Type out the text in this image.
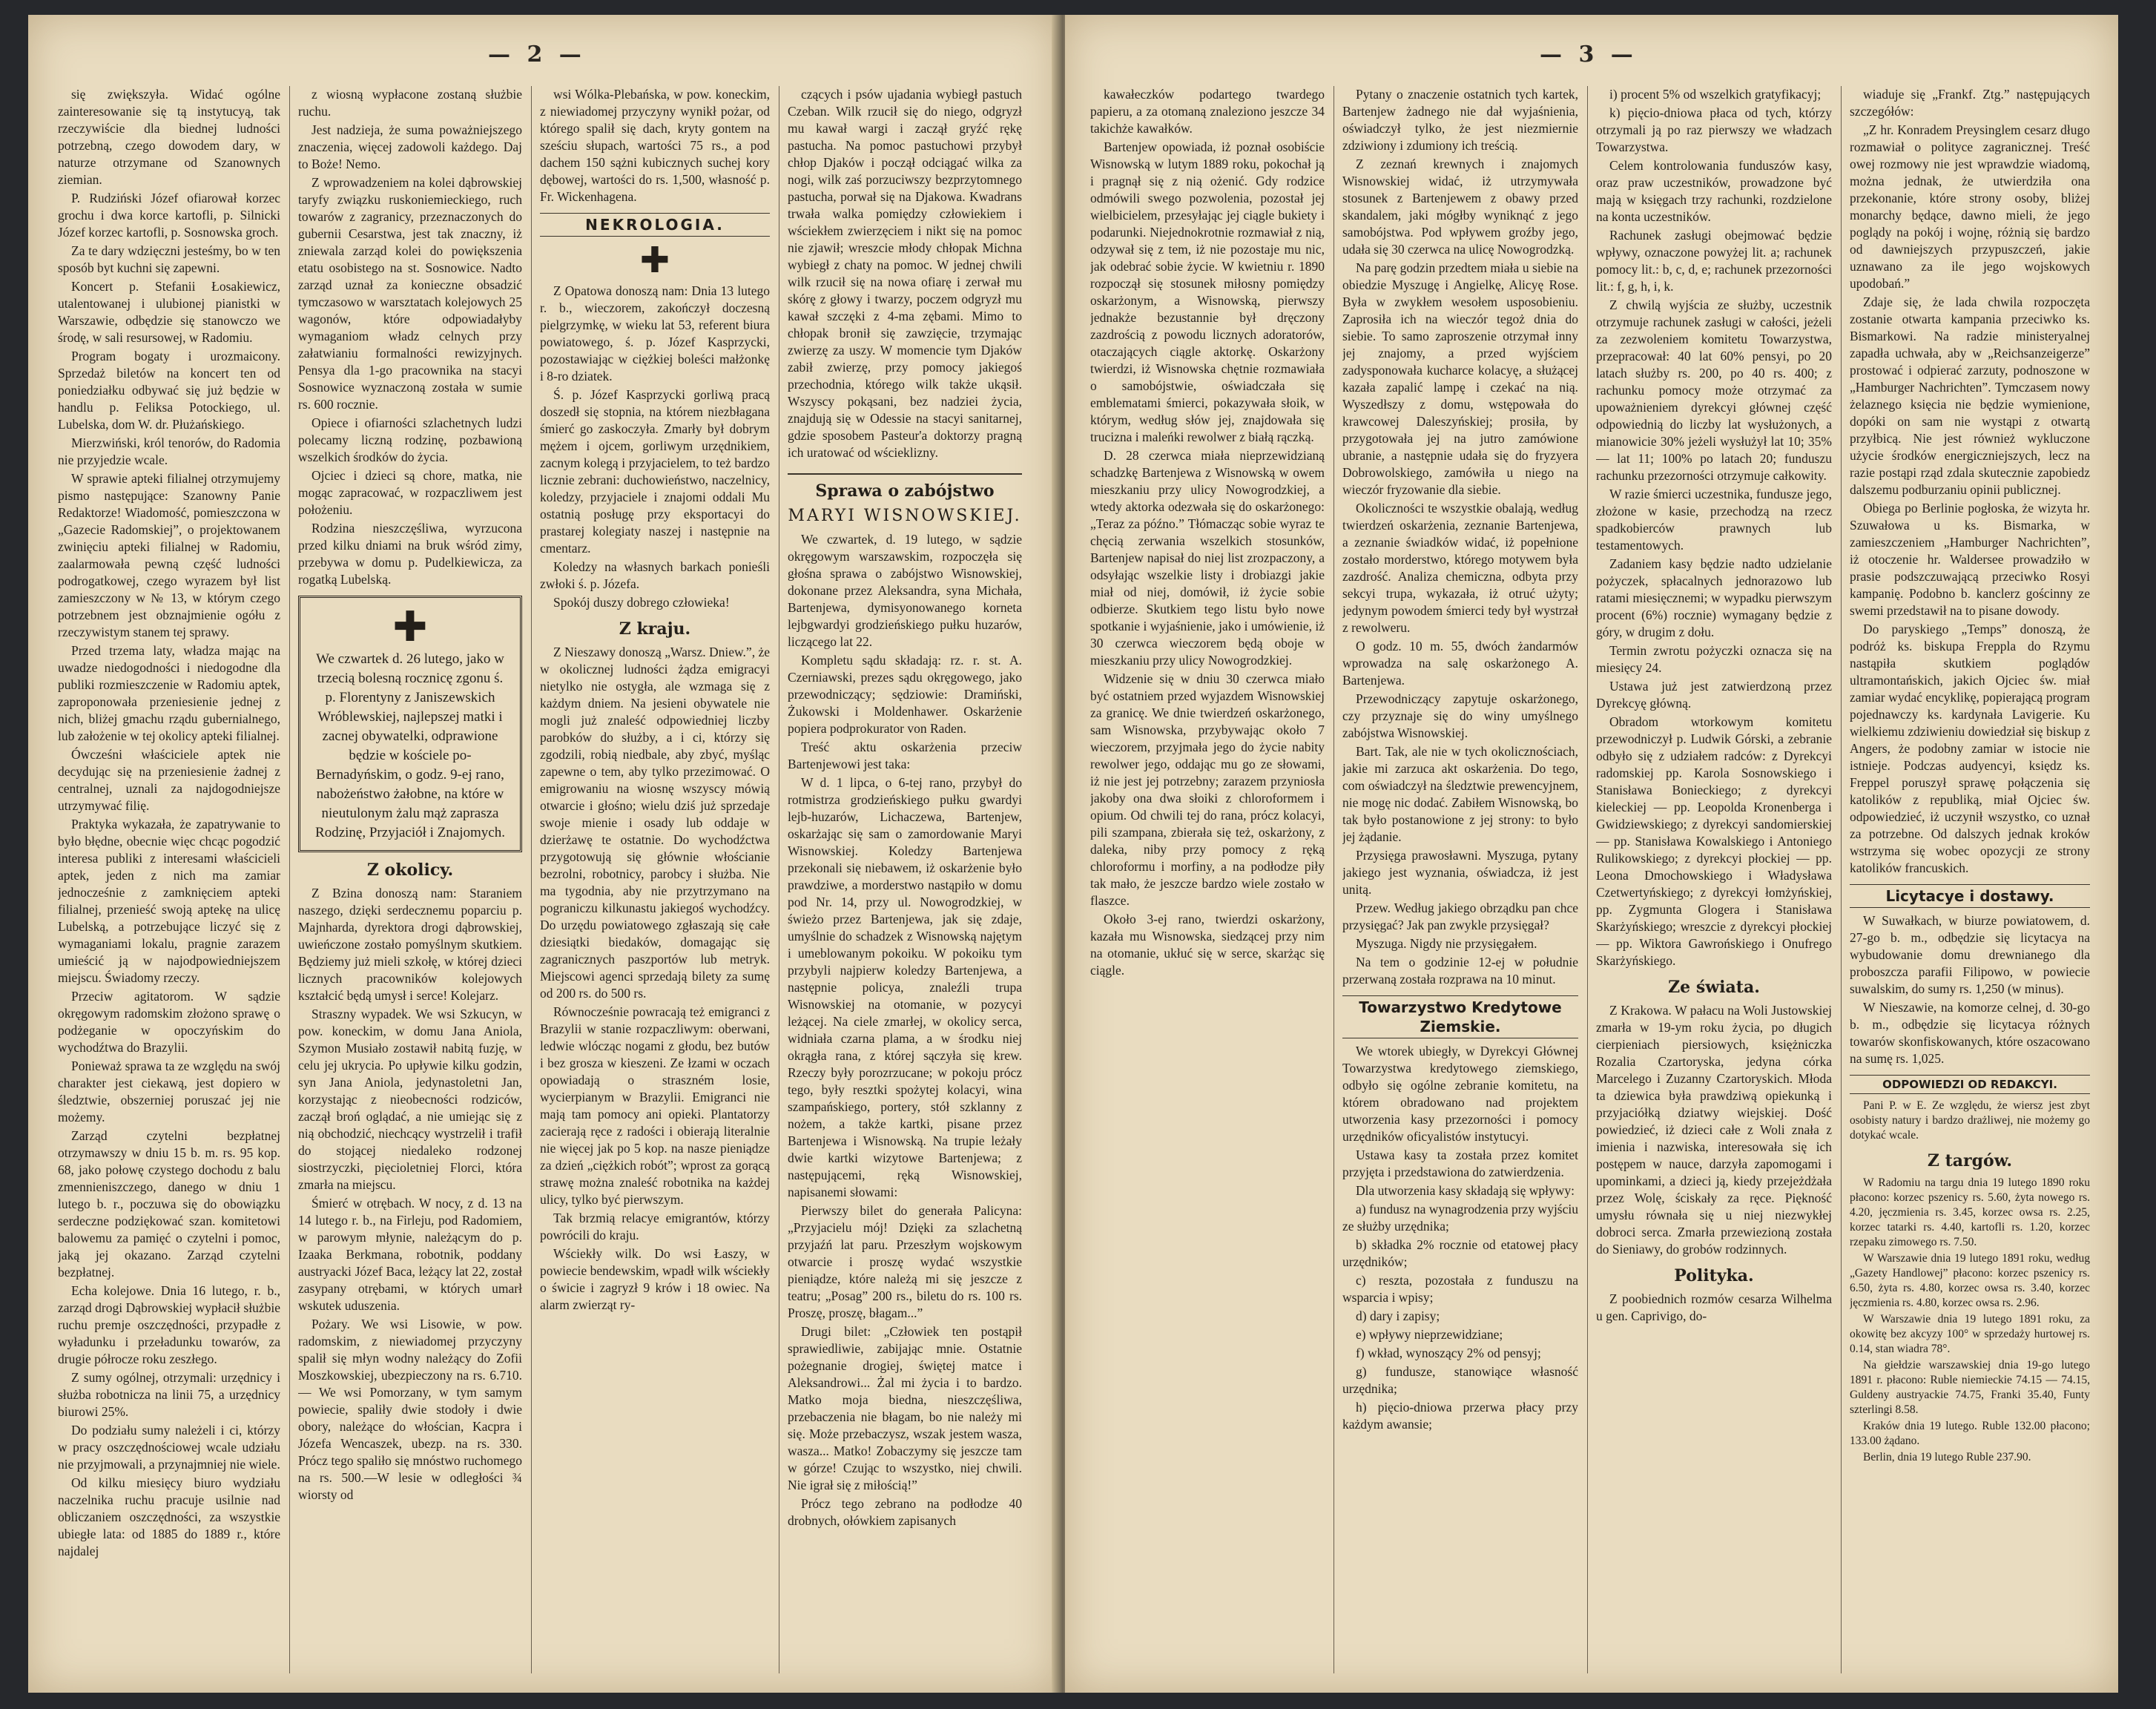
— 2 —

się zwiększyła. Widać ogólne zainteresowanie się tą instytucyą, tak rzeczywiście dla biednej ludności potrzebną, czego dowodem dary, w naturze otrzymane od Szanownych ziemian.

P. Rudziński Józef ofiarował korzec grochu i dwa korce kartofli, p. Silnicki Józef korzec kartofli, p. Sosnowska groch.

Za te dary wdzięczni jesteśmy, bo w ten sposób byt kuchni się zapewni.

Koncert p. Stefanii Łosakiewicz, utalentowanej i ulubionej pianistki w Warszawie, odbędzie się stanowczo we środę, w sali resursowej, w Radomiu.

Program bogaty i urozmaicony. Sprzedaż biletów na koncert ten od poniedziałku odbywać się już będzie w handlu p. Feliksa Potockiego, ul. Lubelska, dom W. dr. Płużańskiego.

Mierzwiński, król tenorów, do Radomia nie przyjedzie wcale.

W sprawie apteki filialnej otrzymujemy pismo następujące: Szanowny Panie Redaktorze! Wiadomość, pomieszczona w „Gazecie Radomskiej”, o projektowanem zwinięciu apteki filialnej w Radomiu, zaalarmowała pewną część ludności podrogatkowej, czego wyrazem był list zamieszczony w № 13, w którym czego potrzebnem jest obznajmienie ogółu z rzeczywistym stanem tej sprawy.

Przed trzema laty, władza mając na uwadze niedogodności i niedogodne dla publiki rozmieszczenie w Radomiu aptek, zaproponowała przeniesienie jednej z nich, bliżej gmachu rządu gubernialnego, lub założenie w tej okolicy apteki filialnej.

Ówcześni właściciele aptek nie decydując się na przeniesienie żadnej z centralnej, uznali za najdogodniejsze utrzymywać filię.

Praktyka wykazała, że zapatrywanie to było błędne, obecnie więc chcąc pogodzić interesa publiki z interesami właścicieli aptek, jeden z nich ma zamiar jednocześnie z zamknięciem apteki filialnej, przenieść swoją aptekę na ulicę Lubelską, a potrzebujące liczyć się z wymaganiami lokalu, pragnie zarazem umieścić ją w najodpowiedniejszem miejscu. Świadomy rzeczy.

Przeciw agitatorom. W sądzie okręgowym radomskim złożono sprawę o podżeganie w opoczyńskim do wychodźtwa do Brazylii.

Ponieważ sprawa ta ze względu na swój charakter jest ciekawą, jest dopiero w śledztwie, obszerniej poruszać jej nie możemy.

Zarząd czytelni bezpłatnej otrzymawszy w dniu 15 b. m. rs. 95 kop. 68, jako połowę czystego dochodu z balu zmennieniszczego, danego w dniu 1 lutego b. r., poczuwa się do obowiązku serdeczne podziękować szan. komitetowi balowemu za pamięć o czytelni i pomoc, jaką jej okazano. Zarząd czytelni bezpłatnej.

Echa kolejowe. Dnia 16 lutego, r. b., zarząd drogi Dąbrowskiej wypłacił służbie ruchu premje oszczędności, przypadłe z wyładunku i przeładunku towarów, za drugie półrocze roku zeszłego.

Z sumy ogólnej, otrzymali: urzędnicy i służba robotnicza na linii 75, a urzędnicy biurowi 25%.

Do podziału sumy należeli i ci, którzy w pracy oszczędnościowej wcale udziału nie przyjmowali, a przynajmniej nie wiele.

Od kilku miesięcy biuro wydziału naczelnika ruchu pracuje usilnie nad obliczaniem oszczędności, za wszystkie ubiegłe lata: od 1885 do 1889 r., które najdalej

z wiosną wypłacone zostaną służbie ruchu.

Jest nadzieja, że suma poważniejszego znaczenia, więcej zadowoli każdego. Daj to Boże! Nemo.

Z wprowadzeniem na kolei dąbrowskiej taryfy związku ruskoniemieckiego, ruch towarów z zagranicy, przeznaczonych do gubernii Cesarstwa, jest tak znaczny, iż zniewala zarząd kolei do powiększenia etatu osobistego na st. Sosnowice. Nadto zarząd uznał za konieczne obsadzić tymczasowo w warsztatach kolejowych 25 wagonów, które odpowiadałyby wymaganiom władz celnych przy załatwianiu formalności rewizyjnych. Pensya dla 1-go pracownika na stacyi Sosnowice wyznaczoną została w sumie rs. 600 rocznie.

Opiece i ofiarności szlachetnych ludzi polecamy liczną rodzinę, pozbawioną wszelkich środków do życia.

Ojciec i dzieci są chore, matka, nie mogąc zapracować, w rozpaczliwem jest położeniu.

Rodzina nieszczęśliwa, wyrzucona przed kilku dniami na bruk wśród zimy, przebywa w domu p. Pudelkiewicza, za rogatką Lubelską.

✚
We czwartek d. 26 lutego, jako w trzecią bolesną rocznicę zgonu ś. p. Florentyny z Janiszewskich Wróblewskiej, najlepszej matki i zacnej obywatelki, odprawione będzie w kościele po-Bernadyńskim, o godz. 9-ej rano, nabożeństwo żałobne, na które w nieutulonym żalu mąż zaprasza Rodzinę, Przyjaciół i Znajomych.
Z okolicy.

Z Bzina donoszą nam: Staraniem naszego, dzięki serdecznemu poparciu p. Majnharda, dyrektora drogi dąbrowskiej, uwieńczone zostało pomyślnym skutkiem. Będziemy już mieli szkołę, w której dzieci licznych pracowników kolejowych kształcić będą umysł i serce! Kolejarz.

Straszny wypadek. We wsi Szkucyn, w pow. koneckim, w domu Jana Aniola, Szymon Musiało zostawił nabitą fuzję, w celu jej ukrycia. Po upływie kilku godzin, syn Jana Aniola, jedynastoletni Jan, korzystając z nieobecności rodziców, zaczął broń oglądać, a nie umiejąc się z nią obchodzić, niechcący wystrzelił i trafił do stojącej niedaleko rodzonej siostrzyczki, pięcioletniej Florci, która zmarła na miejscu.

Śmierć w otrębach. W nocy, z d. 13 na 14 lutego r. b., na Firleju, pod Radomiem, w parowym młynie, należącym do p. Izaaka Berkmana, robotnik, poddany austryacki Józef Baca, leżący lat 22, został zasypany otrębami, w których umarł wskutek uduszenia.

Pożary. We wsi Lisowie, w pow. radomskim, z niewiadomej przyczyny spalił się młyn wodny należący do Zofii Moszkowskiej, ubezpieczony na rs. 6.710. — We wsi Pomorzany, w tym samym powiecie, spaliły dwie stodoły i dwie obory, należące do włościan, Kacpra i Józefa Wencaszek, ubezp. na rs. 330. Prócz tego spaliło się mnóstwo ruchomego na rs. 500.—W lesie w odległości ¾ wiorsty od

wsi Wólka-Plebańska, w pow. koneckim, z niewiadomej przyczyny wynikł pożar, od którego spalił się dach, kryty gontem na sześciu słupach, wartości 75 rs., a pod dachem 150 sążni kubicznych suchej kory dębowej, wartości do rs. 1,500, własność p. Fr. Wickenhagena.

NEKROLOGIA.
✚

Z Opatowa donoszą nam: Dnia 13 lutego r. b., wieczorem, zakończył doczesną pielgrzymkę, w wieku lat 53, referent biura powiatowego, ś. p. Józef Kasprzycki, pozostawiając w ciężkiej boleści małżonkę i 8-ro dziatek.

Ś. p. Józef Kasprzycki gorliwą pracą doszedł się stopnia, na którem niezbłagana śmierć go zaskoczyła. Zmarły był dobrym mężem i ojcem, gorliwym urzędnikiem, zacnym kolegą i przyjacielem, to też bardzo licznie zebrani: duchowieństwo, naczelnicy, koledzy, przyjaciele i znajomi oddali Mu ostatnią posługę przy eksportacyi do prastarej kolegiaty naszej i następnie na cmentarz.

Koledzy na własnych barkach ponieśli zwłoki ś. p. Józefa.

Spokój duszy dobrego człowieka!

Z kraju.

Z Nieszawy donoszą „Warsz. Dniew.”, że w okolicznej ludności żądza emigracyi nietylko nie ostygła, ale wzmaga się z każdym dniem. Na jesieni obywatele nie mogli już znaleść odpowiedniej liczby parobków do służby, a i ci, którzy się zgodzili, robią niedbale, aby zbyć, myśląc zapewne o tem, aby tylko przezimować. O emigrowaniu na wiosnę wszyscy mówią otwarcie i głośno; wielu dziś już sprzedaje swoje mienie i osady lub oddaje w dzierżawę te ostatnie. Do wychodźctwa przygotowują się głównie włościanie bezrolni, robotnicy, parobcy i służba. Nie ma tygodnia, aby nie przytrzymano na pograniczu kilkunastu jakiegoś wychodźcy. Do urzędu powiatowego zgłaszają się całe dziesiątki biedaków, domagając się zagranicznych paszportów lub metryk. Miejscowi agenci sprzedają bilety za sumę od 200 rs. do 500 rs.

Równocześnie powracają też emigranci z Brazylii w stanie rozpaczliwym: oberwani, ledwie wlócząc nogami z głodu, bez butów i bez grosza w kieszeni. Ze łzami w oczach opowiadają o straszném losie, wycierpianym w Brazylii. Emigranci nie mają tam pomocy ani opieki. Plantatorzy zacierają ręce z radości i obierają literalnie nie więcej jak po 5 kop. na nasze pieniądze za dzień „ciężkich robót”; wprost za gorącą strawę można znaleść robotnika na każdej ulicy, tylko być pierwszym.

Tak brzmią relacye emigrantów, którzy powrócili do kraju.

Wściekły wilk. Do wsi Łaszy, w powiecie bendewskim, wpadł wilk wściekły o świcie i zagryzł 9 krów i 18 owiec. Na alarm zwierząt ry-

czących i psów ujadania wybiegł pastuch Czeban. Wilk rzucił się do niego, odgryzł mu kawał wargi i zaczął gryźć rękę pastucha. Na pomoc pastuchowi przybył chłop Djaków i począł odciągać wilka za nogi, wilk zaś porzuciwszy bezprzytomnego pastucha, porwał się na Djakowa. Kwadrans trwała walka pomiędzy człowiekiem i wściekłem zwierzęciem i nikt się na pomoc nie zjawił; wreszcie młody chłopak Michna wybiegł z chaty na pomoc. W jednej chwili wilk rzucił się na nowa ofiarę i zerwał mu skórę z głowy i twarzy, poczem odgryzł mu kawał szczęki z 4-ma zębami. Mimo to chłopak bronił się zawzięcie, trzymając zwierzę za uszy. W momencie tym Djaków zabił zwierzę, przy pomocy jakiegoś przechodnia, którego wilk także ukąsił. Wszyscy pokąsani, bez nadziei życia, znajdują się w Odessie na stacyi sanitarnej, gdzie sposobem Pasteur'a doktorzy pragną ich uratować od wścieklizny.

Sprawa o zabójstwo
MARYI WISNOWSKIEJ.

We czwartek, d. 19 lutego, w sądzie okręgowym warszawskim, rozpoczęła się głośna sprawa o zabójstwo Wisnowskiej, dokonane przez Aleksandra, syna Michała, Bartenjewa, dymisyonowanego korneta lejbgwardyi grodzieńskiego pułku huzarów, liczącego lat 22.

Kompletu sądu składają: rz. r. st. A. Czerniawski, prezes sądu okręgowego, jako przewodniczący; sędziowie: Dramiński, Żukowski i Moldenhawer. Oskarżenie popiera podprokurator von Raden.

Treść aktu oskarżenia przeciw Bartenjewowi jest taka:

W d. 1 lipca, o 6-tej rano, przybył do rotmistrza grodzieńskiego pułku gwardyi lejb-huzarów, Lichaczewa, Bartenjew, oskarżając się sam o zamordowanie Maryi Wisnowskiej. Koledzy Bartenjewa przekonali się niebawem, iż oskarżenie było prawdziwe, a morderstwo nastąpiło w domu pod Nr. 14, przy ul. Nowogrodzkiej, w świeżo przez Bartenjewa, jak się zdaje, umyślnie do schadzek z Wisnowską najętym i umeblowanym pokoiku. W pokoiku tym przybyli najpierw koledzy Bartenjewa, a następnie policya, znaleźli trupa Wisnowskiej na otomanie, w pozycyi leżącej. Na ciele zmarłej, w okolicy serca, widniała czarna plama, a w środku niej okrągła rana, z której sączyła się krew. Rzeczy były porozrzucane; w pokoju prócz tego, były resztki spożytej kolacyi, wina szampańskiego, portery, stół szklanny z nożem, a także kartki, pisane przez Bartenjewa i Wisnowską. Na trupie leżały dwie kartki wizytowe Bartenjewa; z następującemi, ręką Wisnowskiej, napisanemi słowami:

Pierwszy bilet do generała Palicyna: „Przyjacielu mój! Dzięki za szlachetną przyjaźń lat paru. Przeszłym wojskowym otwarcie i proszę wydać wszystkie pieniądze, które należą mi się jeszcze z teatru; „Posag” 200 rs., biletu do rs. 100 rs. Proszę, proszę, błagam...”

Drugi bilet: „Człowiek ten postąpił sprawiedliwie, zabijając mnie. Ostatnie pożegnanie drogiej, świętej matce i Aleksandrowi... Żal mi życia i to bardzo. Matko moja biedna, nieszczęśliwa, przebaczenia nie błagam, bo nie należy mi się. Może przebaczysz, wszak jestem wasza, wasza... Matko! Zobaczymy się jeszcze tam w górze! Czując to wszystko, niej chwili. Nie igrał się z miłością!”

Prócz tego zebrano na podłodze 40 drobnych, ołówkiem zapisanych

— 3 —

kawałeczków podartego twardego papieru, a za otomaną znaleziono jeszcze 34 takichże kawałków.

Bartenjew opowiada, iż poznał osobiście Wisnowską w lutym 1889 roku, pokochał ją i pragnął się z nią ożenić. Gdy rodzice odmówili swego pozwolenia, pozostał jej wielbicielem, przesyłając jej ciągle bukiety i podarunki. Niejednokrotnie rozmawiał z nią, odzywał się z tem, iż nie pozostaje mu nic, jak odebrać sobie życie. W kwietniu r. 1890 rozpoczął się stosunek miłosny pomiędzy oskarżonym, a Wisnowską, pierwszy jednakże bezustannie był dręczony zazdrością z powodu licznych adoratorów, otaczających ciągle aktorkę. Oskarżony twierdzi, iż Wisnowska chętnie rozmawiała o samobójstwie, oświadczała się emblematami śmierci, pokazywała słoik, w którym, według słów jej, znajdowała się trucizna i maleńki rewolwer z białą rączką.

D. 28 czerwca miała nieprzewidzianą schadzkę Bartenjewa z Wisnowską w owem mieszkaniu przy ulicy Nowogrodzkiej, a wtedy aktorka odezwała się do oskarżonego: „Teraz za późno.” Tłómacząc sobie wyraz te chęcią zerwania wszelkich stosunków, Bartenjew napisał do niej list zrozpaczony, a odsyłając wszelkie listy i drobiazgi jakie miał od niej, domówił, iż życie sobie odbierze. Skutkiem tego listu było nowe spotkanie i wyjaśnienie, jako i umówienie, iż 30 czerwca wieczorem będą oboje w mieszkaniu przy ulicy Nowogrodzkiej.

Widzenie się w dniu 30 czerwca miało być ostatniem przed wyjazdem Wisnowskiej za granicę. We dnie twierdzeń oskarżonego, sam Wisnowska, przybywając około 7 wieczorem, przyjmała jego do życie nabity rewolwer jego, oddając mu go ze słowami, iż nie jest jej potrzebny; zarazem przyniosła jakoby ona dwa słoiki z chloroformem i opium. Od chwili tej do rana, prócz kolacyi, pili szampana, zbierała się też, oskarżony, z daleka, niby przy pomocy z ręką chloroformu i morfiny, a na podłodze piły tak mało, że jeszcze bardzo wiele zostało w flaszce.

Około 3-ej rano, twierdzi oskarżony, kazała mu Wisnowska, siedzącej przy nim na otomanie, ukłuć się w serce, skarżąc się ciągle.

Pytany o znaczenie ostatnich tych kartek, Bartenjew żadnego nie dał wyjaśnienia, oświadczył tylko, że jest niezmiernie zdziwiony i zdumiony ich treścią.

Z zeznań krewnych i znajomych Wisnowskiej widać, iż utrzymywała stosunek z Bartenjewem z obawy przed skandalem, jaki mógłby wyniknąć z jego samobójstwa. Pod wpływem groźby jego, udała się 30 czerwca na ulicę Nowogrodzką.

Na parę godzin przedtem miała u siebie na obiedzie Myszugę i Angielkę, Alicyę Rose. Była w zwykłem wesołem usposobieniu. Zaprosiła ich na wieczór tegoż dnia do siebie. To samo zaproszenie otrzymał inny jej znajomy, a przed wyjściem zadysponowała kucharce kolacyę, a służącej kazała zapalić lampę i czekać na nią. Wyszedłszy z domu, wstępowała do krawcowej Daleszyńskiej; prosiła, by przygotowała jej na jutro zamówione ubranie, a następnie udała się do fryzyera Dobrowolskiego, zamówiła u niego na wieczór fryzowanie dla siebie.

Okoliczności te wszystkie obalają, według twierdzeń oskarżenia, zeznanie Bartenjewa, a zeznanie świadków widać, iż popełnione zostało morderstwo, którego motywem była zazdrość. Analiza chemiczna, odbyta przy sekcyi trupa, wykazała, iż otruć użyty; jedynym powodem śmierci tedy był wystrzał z rewolweru.

O godz. 10 m. 55, dwóch żandarmów wprowadza na salę oskarżonego A. Bartenjewa.

Przewodniczący zapytuje oskarżonego, czy przyznaje się do winy umyślnego zabójstwa Wisnowskiej.

Bart. Tak, ale nie w tych okolicznościach, jakie mi zarzuca akt oskarżenia. Do tego, com oświadczył na śledztwie prewencyjnem, nie mogę nic dodać. Zabiłem Wisnowską, bo tak było postanowione z jej strony: to było jej żądanie.

Przysięga prawosławni. Myszuga, pytany jakiego jest wyznania, oświadcza, iż jest unitą.

Przew. Według jakiego obrządku pan chce przysięgać? Jak pan zwykle przysięgał?

Myszuga. Nigdy nie przysięgałem.

Na tem o godzinie 12-ej w południe przerwaną została rozprawa na 10 minut.

Towarzystwo Kredytowe Ziemskie.

We wtorek ubiegły, w Dyrekcyi Głównej Towarzystwa kredytowego ziemskiego, odbyło się ogólne zebranie komitetu, na którem obradowano nad projektem utworzenia kasy przezorności i pomocy urzędników oficyalistów instytucyi.

Ustawa kasy ta została przez komitet przyjęta i przedstawiona do zatwierdzenia.

Dla utworzenia kasy składają się wpływy:

a) fundusz na wynagrodzenia przy wyjściu ze służby urzędnika;

b) składka 2% rocznie od etatowej płacy urzędników;

c) reszta, pozostała z funduszu na wsparcia i wpisy;

d) dary i zapisy;

e) wpływy nieprzewidziane;

f) wkład, wynoszący 2% od pensyj;

g) fundusze, stanowiące własność urzędnika;

h) pięcio-dniowa przerwa płacy przy każdym awansie;

i) procent 5% od wszelkich gratyfikacyj;

k) pięcio-dniowa płaca od tych, którzy otrzymali ją po raz pierwszy we władzach Towarzystwa.

Celem kontrolowania funduszów kasy, oraz praw uczestników, prowadzone być mają w księgach trzy rachunki, rozdzielone na konta uczestników.

Rachunek zasługi obejmować będzie wpływy, oznaczone powyżej lit. a; rachunek pomocy lit.: b, c, d, e; rachunek przezorności lit.: f, g, h, i, k.

Z chwilą wyjścia ze służby, uczestnik otrzymuje rachunek zasługi w całości, jeżeli za zezwoleniem komitetu Towarzystwa, przepracował: 40 lat 60% pensyi, po 20 latach służby rs. 200, po 40 rs. 400; z rachunku pomocy może otrzymać za upoważnieniem dyrekcyi głównej część odpowiednią do liczby lat wysłużonych, a mianowicie 30% jeżeli wysłużył lat 10; 35% — lat 11; 100% po latach 20; funduszu rachunku przezorności otrzymuje całkowity.

W razie śmierci uczestnika, fundusze jego, złożone w kasie, przechodzą na rzecz spadkobierców prawnych lub testamentowych.

Zadaniem kasy będzie nadto udzielanie pożyczek, spłacalnych jednorazowo lub ratami miesięcznemi; w wypadku pierwszym procent (6%) rocznie) wymagany będzie z góry, w drugim z dołu.

Termin zwrotu pożyczki oznacza się na miesięcy 24.

Ustawa już jest zatwierdzoną przez Dyrekcyę główną.

Obradom wtorkowym komitetu przewodniczył p. Ludwik Górski, a zebranie odbyło się z udziałem radców: z Dyrekcyi radomskiej pp. Karola Sosnowskiego i Stanisława Bonieckiego; z dyrekcyi kieleckiej — pp. Leopolda Kronenberga i Gwidziewskiego; z dyrekcyi sandomierskiej — pp. Stanisława Kowalskiego i Antoniego Rulikowskiego; z dyrekcyi płockiej — pp. Leona Dmochowskiego i Władysława Czetwertyńskiego; z dyrekcyi łomżyńskiej, pp. Zygmunta Glogera i Stanisława Skarżyńskiego; wreszcie z dyrekcyi płockiej — pp. Wiktora Gawrońskiego i Onufrego Skarżyńskiego.

Ze świata.

Z Krakowa. W pałacu na Woli Justowskiej zmarła w 19-ym roku życia, po długich cierpieniach piersiowych, księżniczka Rozalia Czartoryska, jedyna córka Marcelego i Zuzanny Czartoryskich. Młoda ta dziewica była prawdziwą opiekunką i przyjaciółką dziatwy wiejskiej. Dość powiedzieć, iż dzieci całe z Woli znała z imienia i nazwiska, interesowała się ich postępem w nauce, darzyła zapomogami i upominkami, a dzieci ją, kiedy przejeżdżała przez Wolę, ściskały za ręce. Piękność umysłu równała się u niej niezwykłej dobroci serca. Zmarła przewiezioną została do Sieniawy, do grobów rodzinnych.

Polityka.

Z poobiednich rozmów cesarza Wilhelma u gen. Caprivigo, do-

wiaduje się „Frankf. Ztg.” następujących szczegółów:

„Z hr. Konradem Preysinglem cesarz długo rozmawiał o polityce zagranicznej. Treść owej rozmowy nie jest wprawdzie wiadomą, można jednak, że utwierdziła ona przekonanie, które strony osoby, bliżej monarchy będące, dawno mieli, że jego poglądy na pokój i wojnę, różnią się bardzo od dawniejszych przypuszczeń, jakie uznawano za ile jego wojskowych upodobań.”

Zdaje się, że lada chwila rozpoczęta zostanie otwarta kampania przeciwko ks. Bismarkowi. Na radzie ministeryalnej zapadła uchwała, aby w „Reichsanzeigerze” prostować i odpierać zarzuty, podnoszone w „Hamburger Nachrichten”. Tymczasem nowy żelaznego księcia nie będzie wymienione, dopóki on sam nie wystąpi z otwartą przyłbicą. Nie jest również wykluczone użycie środków energiczniejszych, lecz na razie postąpi rząd zdala skutecznie zapobiedz dalszemu podburzaniu opinii publicznej.

Obiega po Berlinie pogłoska, że wizyta hr. Szuwałowa u ks. Bismarka, w zamieszczeniem „Hamburger Nachrichten”, iż otoczenie hr. Waldersee prowadziło w prasie podszczuwającą przeciwko Rosyi kampanię. Podobno b. kanclerz gościnny ze swemi przedstawił na to pisane dowody.

Do paryskiego „Temps” donoszą, że podróż ks. biskupa Freppla do Rzymu nastąpiła skutkiem poglądów ultramontańskich, jakich Ojciec św. miał zamiar wydać encyklikę, popierającą program pojednawczy ks. kardynała Lavigerie. Ku wielkiemu zdziwieniu dowiedział się biskup z Angers, że podobny zamiar w istocie nie istnieje. Podczas audyencyi, księdz ks. Freppel poruszył sprawę połączenia się katolików z republiką, miał Ojciec św. odpowiedzieć, iż uczynił wszystko, co uznał za potrzebne. Od dalszych jednak kroków wstrzyma się wobec opozycji ze strony katolików francuskich.

Licytacye i dostawy.

W Suwałkach, w biurze powiatowem, d. 27-go b. m., odbędzie się licytacya na wybudowanie domu drewnianego dla proboszcza parafii Filipowo, w powiecie suwalskim, do sumy rs. 1,250 (w minus).

W Nieszawie, na komorze celnej, d. 30-go b. m., odbędzie się licytacya różnych towarów skonfiskowanych, które oszacowano na sumę rs. 1,025.

ODPOWIEDZI OD REDAKCYI.

Pani P. w E. Ze względu, że wiersz jest zbyt osobisty natury i bardzo drażliwej, nie możemy go dotykać wcale.

Z targów.

W Radomiu na targu dnia 19 lutego 1890 roku płacono: korzec pszenicy rs. 5.60, żyta nowego rs. 4.20, jęczmienia rs. 3.45, korzec owsa rs. 2.25, korzec tatarki rs. 4.40, kartofli rs. 1.20, korzec rzepaku zimowego rs. 7.50.

W Warszawie dnia 19 lutego 1891 roku, według „Gazety Handlowej” płacono: korzec pszenicy rs. 6.50, żyta rs. 4.80, korzec owsa rs. 3.40, korzec jęczmienia rs. 4.80, korzec owsa rs. 2.96.

W Warszawie dnia 19 lutego 1891 roku, za okowitę bez akcyzy 100° w sprzedaży hurtowej rs. 0.14, stan wiadra 78°.

Na giełdzie warszawskiej dnia 19-go lutego 1891 r. płacono: Ruble niemieckie 74.15 — 74.15, Guldeny austryackie 74.75, Franki 35.40, Funty szterlingi 8.58.

Kraków dnia 19 lutego. Ruble 132.00 płacono; 133.00 żądano.

Berlin, dnia 19 lutego Ruble 237.90.
